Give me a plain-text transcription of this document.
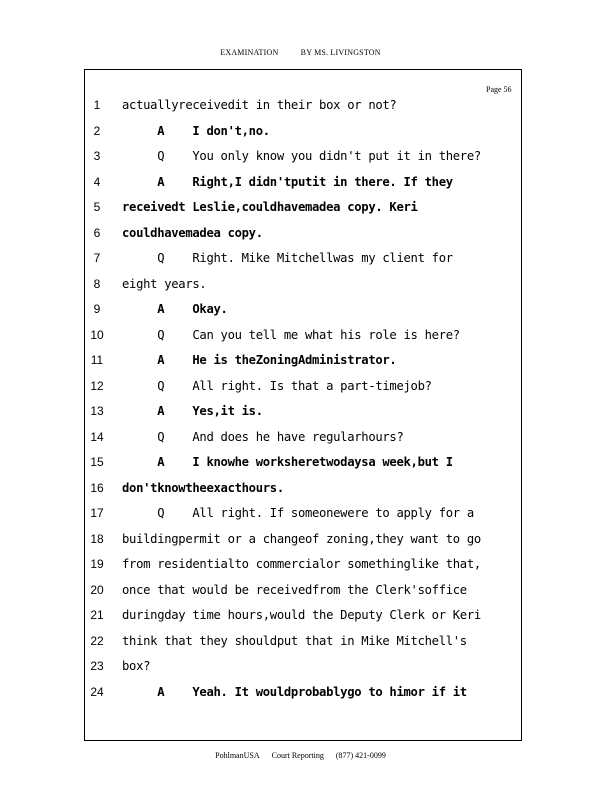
EXAMINATION	BY MS. LIVINGSTON
Page 56
1
2
3
4
5
6
7
8
9
10
11
12
13
14
15
16
17
18
19
20
21
22
23
24
actuallyreceivedit in their box or not?
A    I don't,no.
Q    You only know you didn't put it in there?
A    Right,I didn'tputit in there. If they
receivedt Leslie,couldhavemadea copy. Keri
couldhavemadea copy.
Q    Right. Mike Mitchellwas my client for
eight years.
A    Okay.
Q    Can you tell me what his role is here?
A    He is theZoningAdministrator.
Q    All right. Is that a part-timejob?
A    Yes,it is.
Q    And does he have regularhours?
A    I knowhe worksheretwodaysa week,but I
don'tknowtheexacthours.
Q    All right. If someonewere to apply for a
buildingpermit or a changeof zoning,they want to go
from residentialto commercialor somethinglike that,
once that would be receivedfrom the Clerk'soffice
duringday time hours,would the Deputy Clerk or Keri
think that they shouldput that in Mike Mitchell's
box?
A    Yeah. It wouldprobablygo to himor if it
PohlmanUSA Court Reporting (877) 421-0099
